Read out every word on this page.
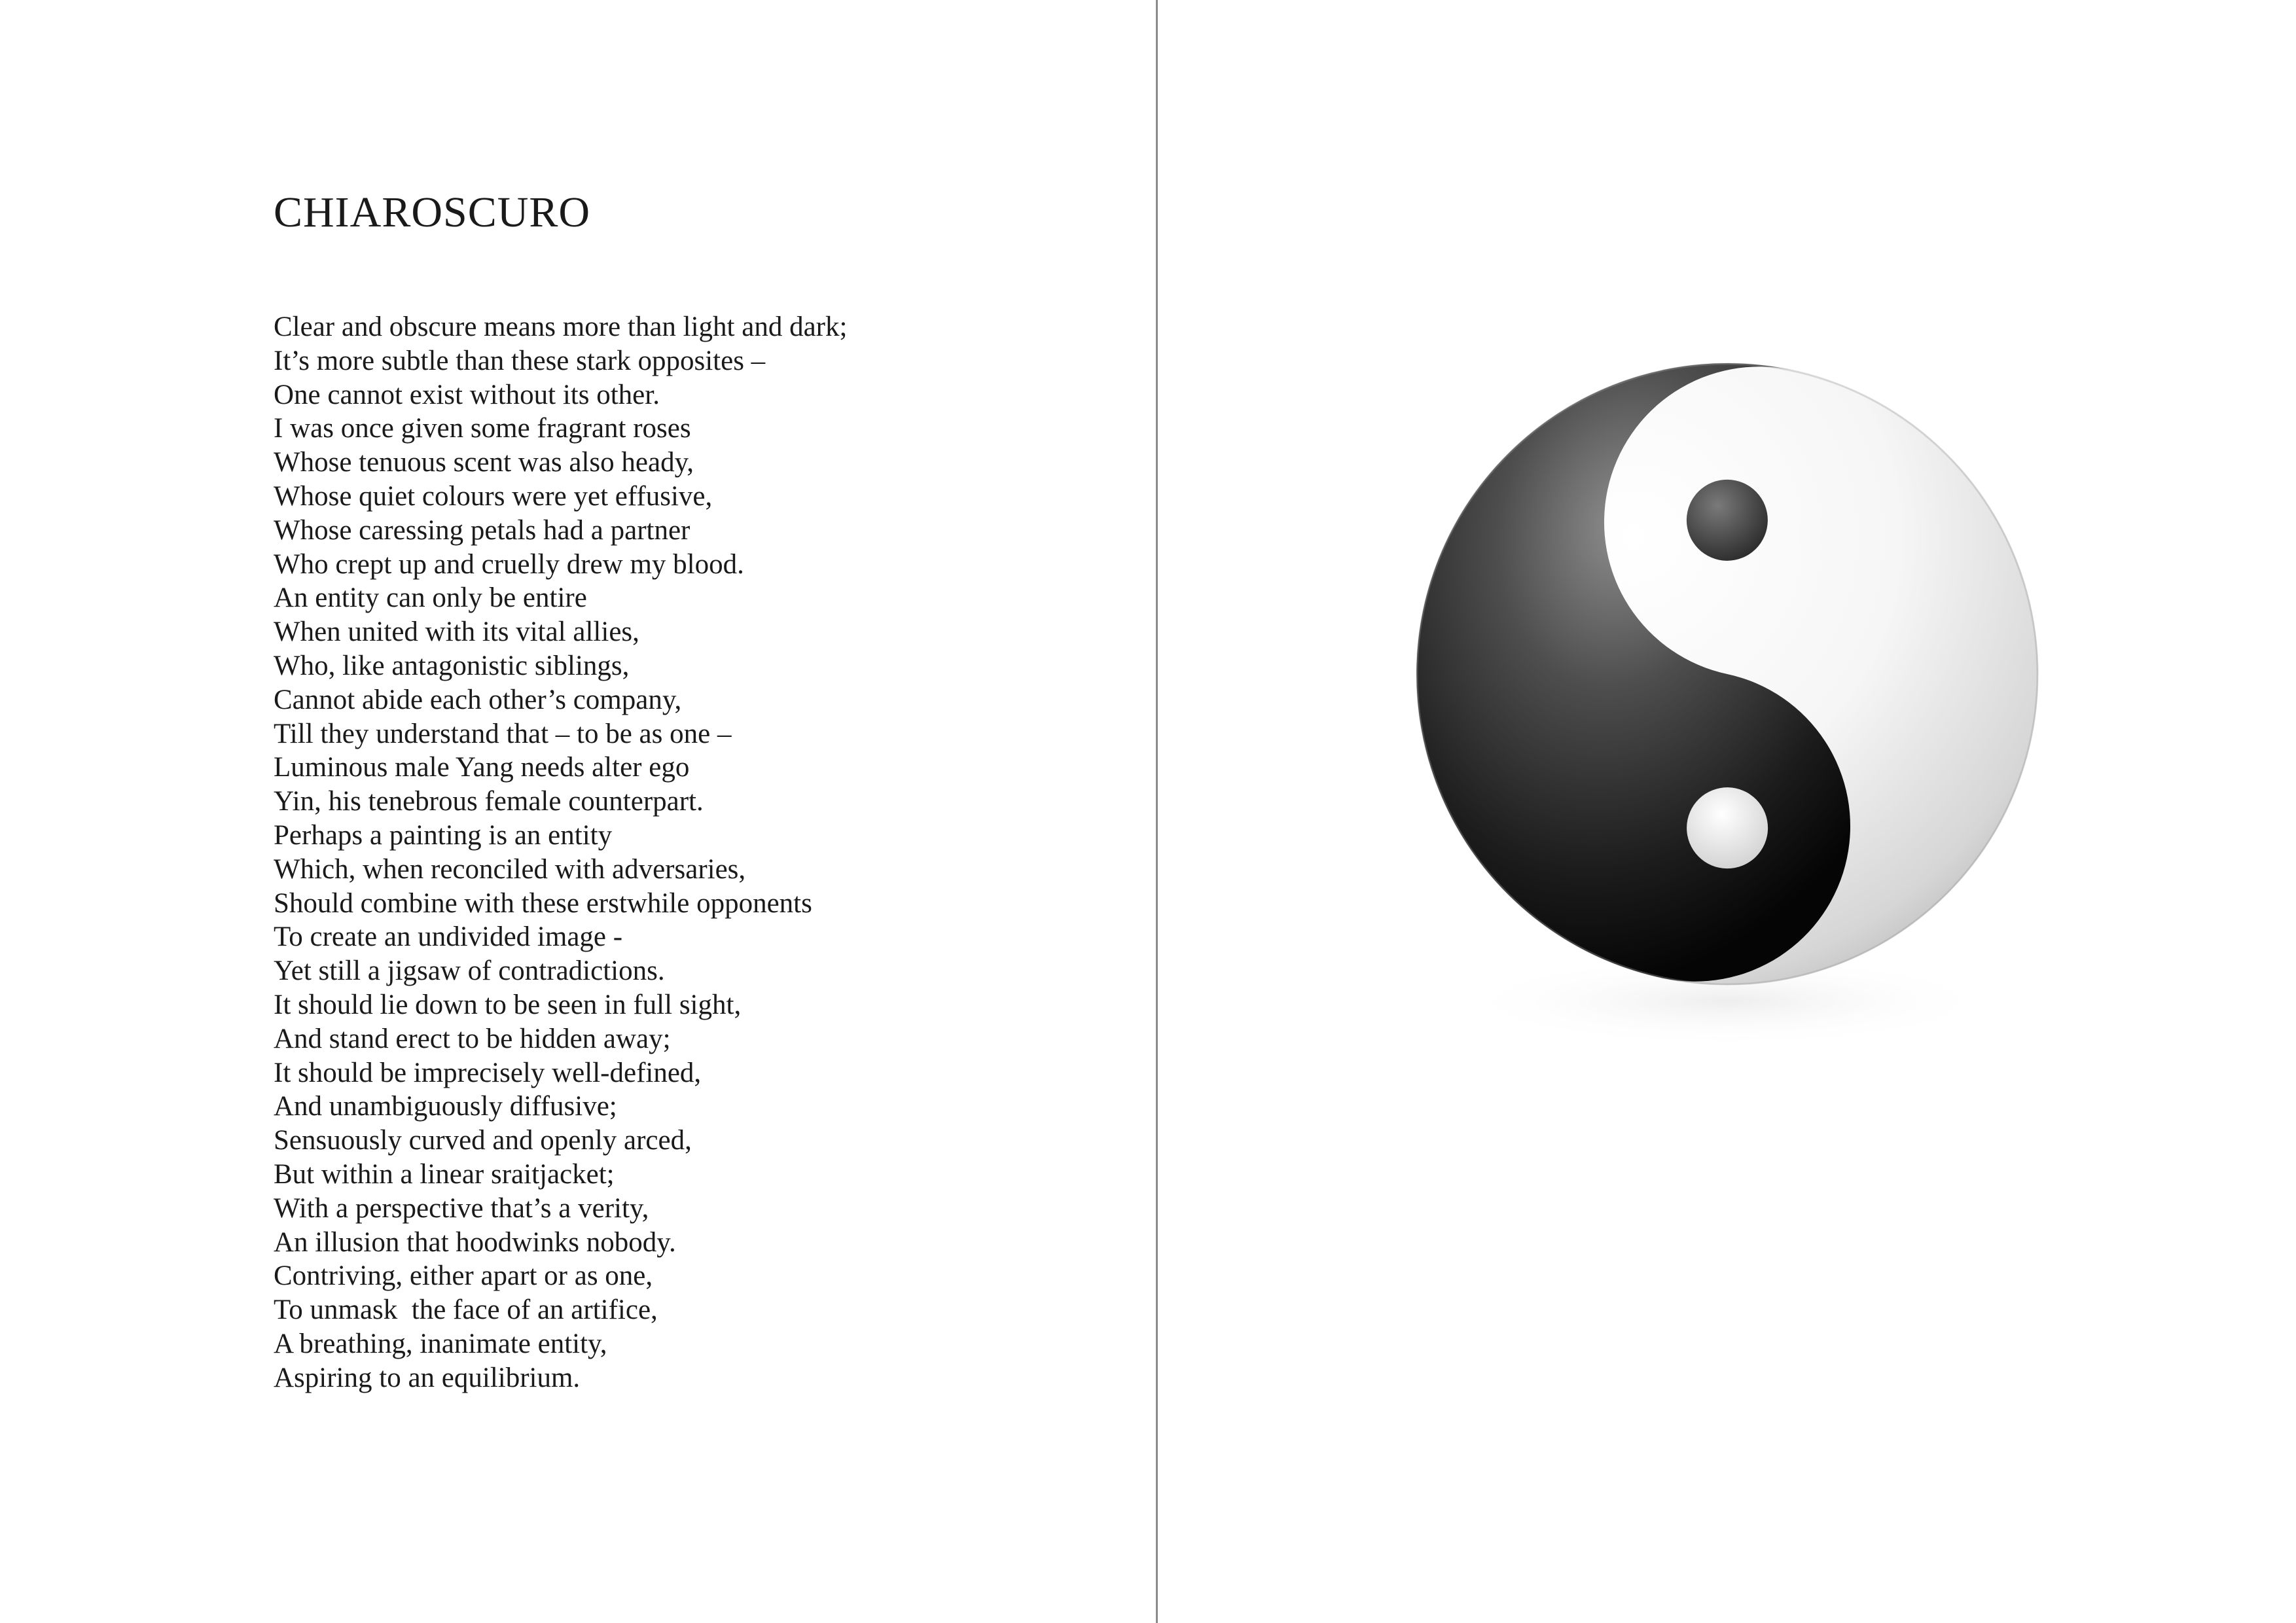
CHIAROSCURO
Clear and obscure means more than light and dark;
It’s more subtle than these stark opposites –
One cannot exist without its other.
I was once given some fragrant roses
Whose tenuous scent was also heady,
Whose quiet colours were yet effusive,
Whose caressing petals had a partner
Who crept up and cruelly drew my blood.
An entity can only be entire
When united with its vital allies,
Who, like antagonistic siblings,
Cannot abide each other’s company,
Till they understand that – to be as one –
Luminous male Yang needs alter ego
Yin, his tenebrous female counterpart.
Perhaps a painting is an entity
Which, when reconciled with adversaries,
Should combine with these erstwhile opponents
To create an undivided image -
Yet still a jigsaw of contradictions.
It should lie down to be seen in full sight,
And stand erect to be hidden away;
It should be imprecisely well-defined,
And unambiguously diffusive;
Sensuously curved and openly arced,
But within a linear sraitjacket;
With a perspective that’s a verity,
An illusion that hoodwinks nobody.
Contriving, either apart or as one,
To unmask  the face of an artifice,
A breathing, inanimate entity,
Aspiring to an equilibrium.
